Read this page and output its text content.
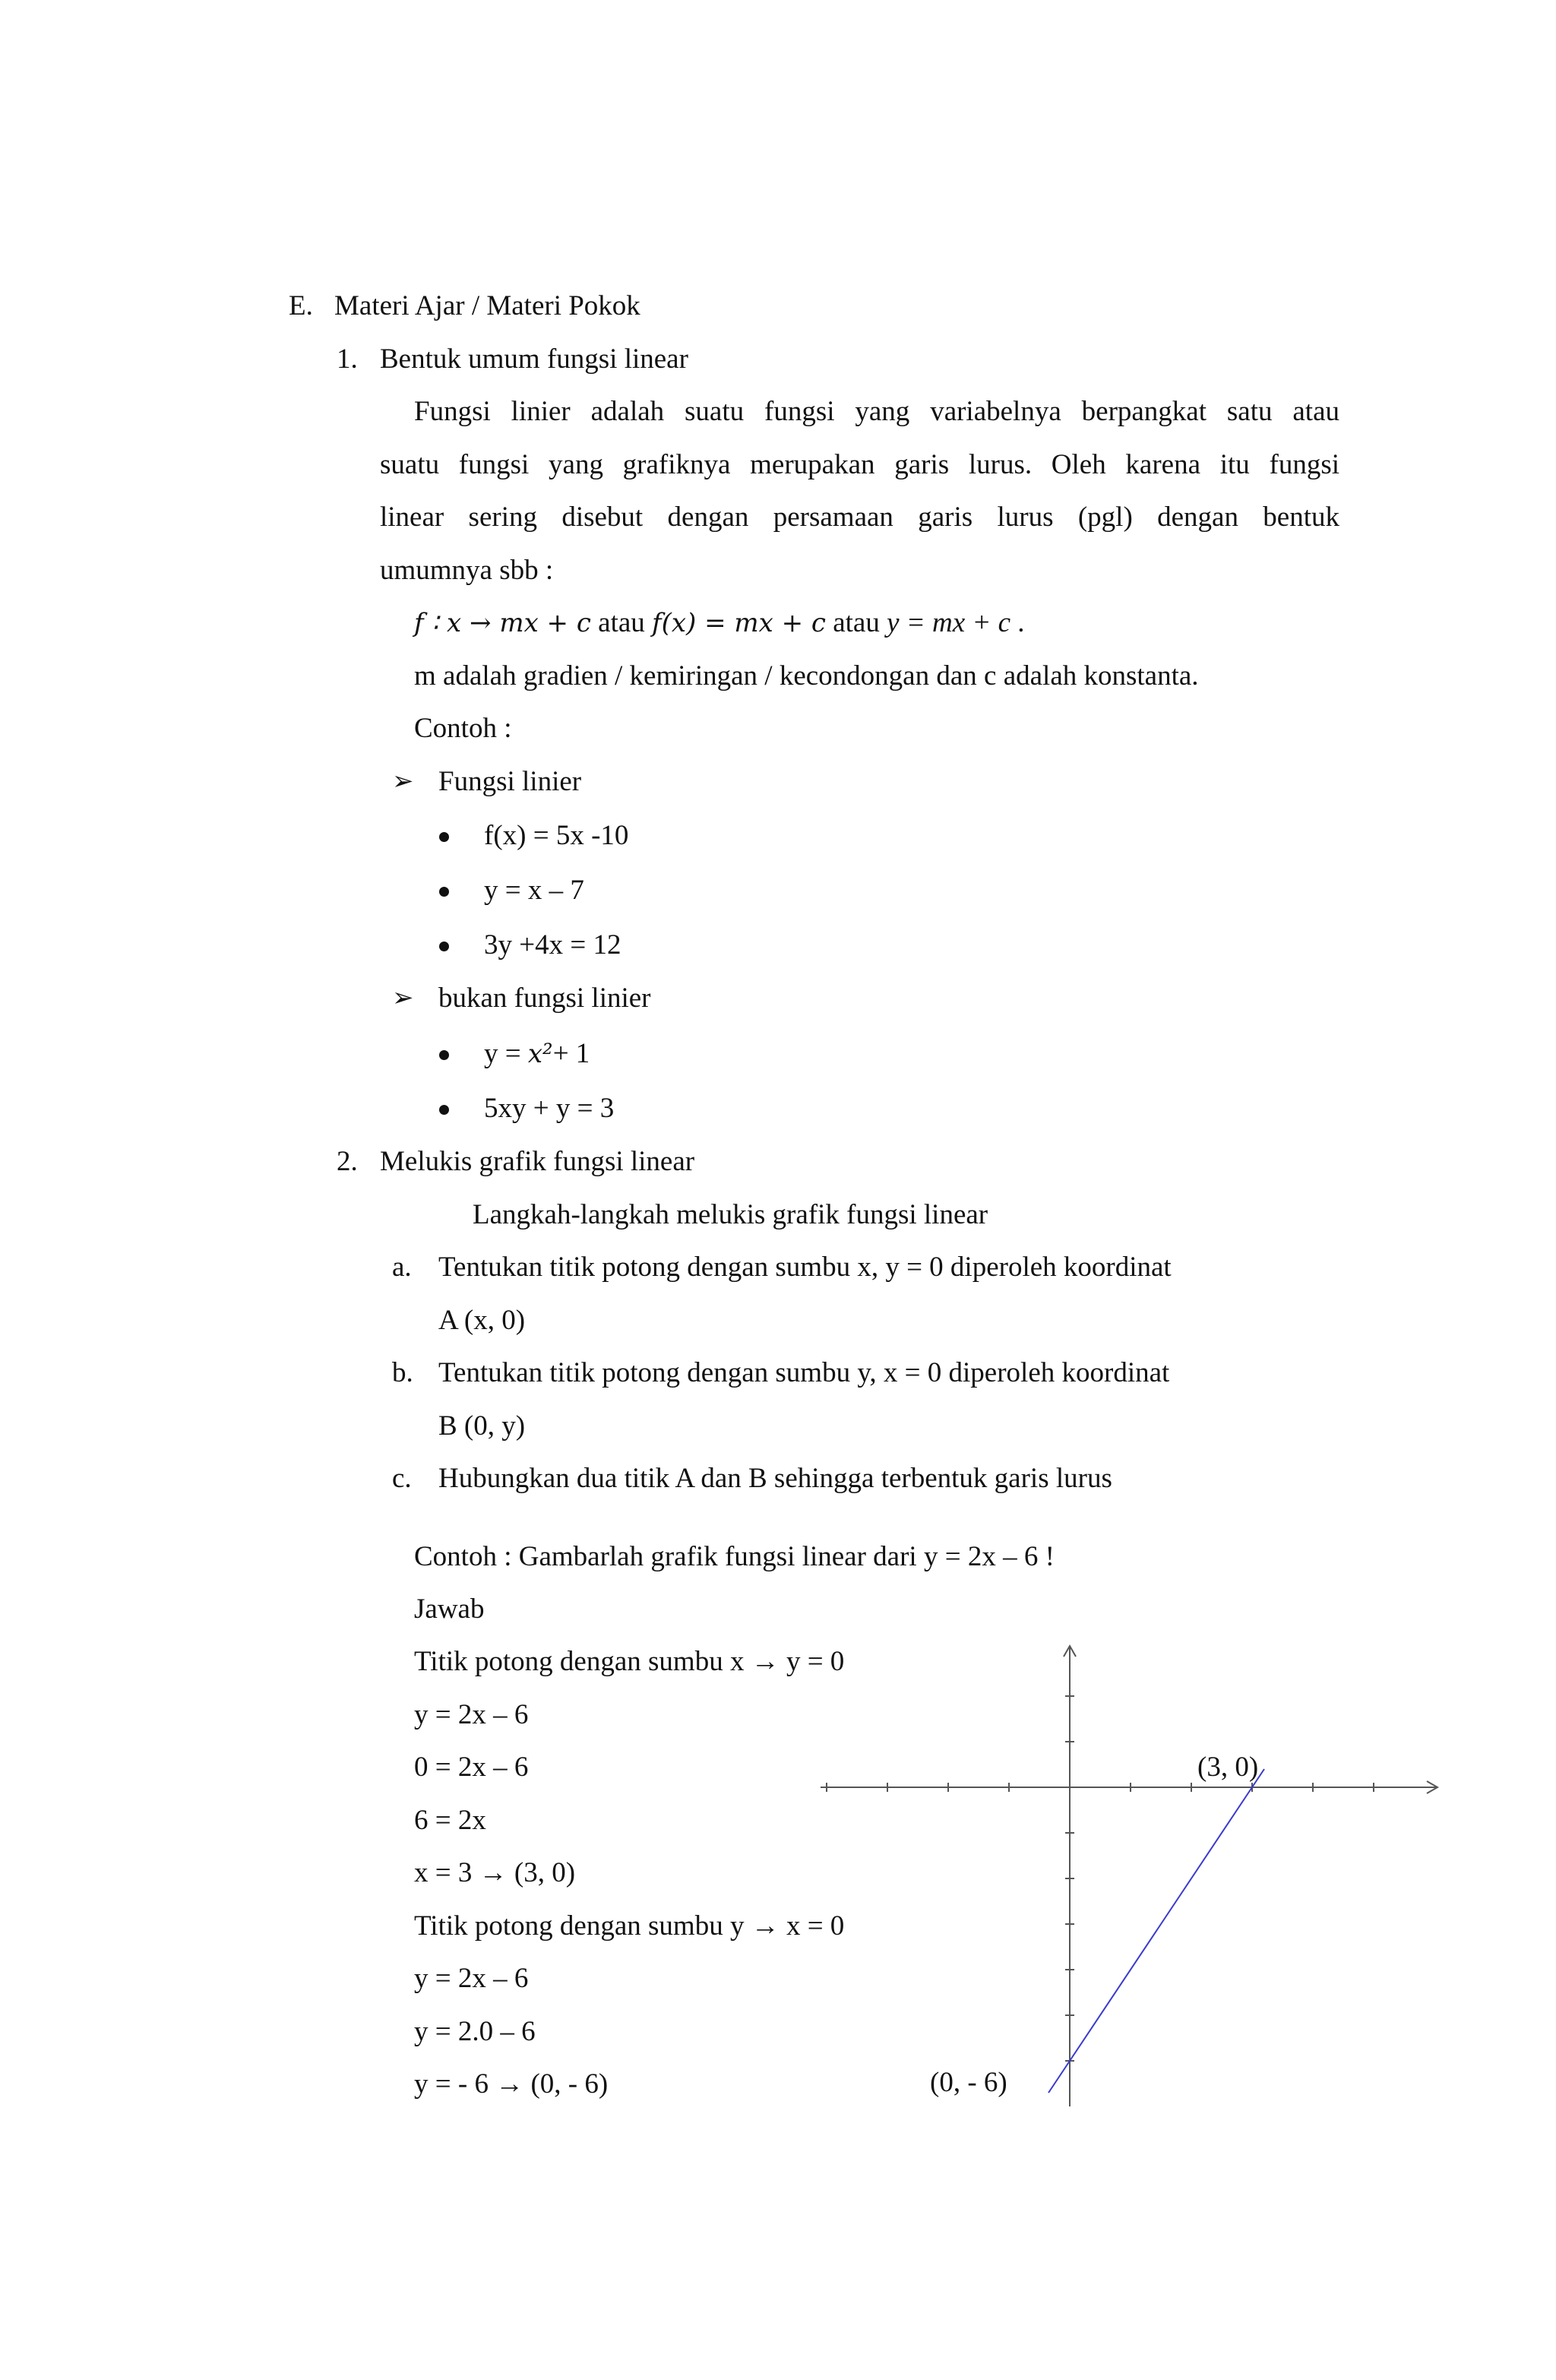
E. Materi Ajar / Materi Pokok
1. Bentuk umum fungsi linear
Fungsi linier adalah suatu fungsi yang variabelnya berpangkat satu atau
suatu fungsi yang grafiknya merupakan garis lurus. Oleh karena itu fungsi
linear sering disebut dengan persamaan garis lurus (pgl) dengan bentuk
umumnya sbb :
𝑓 ∶ 𝑥 → 𝑚𝑥 + 𝑐 atau 𝑓(𝑥) = 𝑚𝑥 + 𝑐 atau y = mx + c .
m adalah gradien / kemiringan / kecondongan dan c adalah konstanta.
Contoh :
➢ Fungsi linier
f(x) = 5x -10
y = x – 7
3y +4x = 12
➢ bukan fungsi linier
y = 𝑥²+ 1
5xy + y = 3
2. Melukis grafik fungsi linear
Langkah-langkah melukis grafik fungsi linear
a. Tentukan titik potong dengan sumbu x, y = 0 diperoleh koordinat
A (x, 0)
b. Tentukan titik potong dengan sumbu y, x = 0 diperoleh koordinat
B (0, y)
c. Hubungkan dua titik A dan B sehingga terbentuk garis lurus
Contoh : Gambarlah grafik fungsi linear dari y = 2x – 6 !
Jawab
Titik potong dengan sumbu x → y = 0
y = 2x – 6
0 = 2x – 6
6 = 2x
x = 3 → (3, 0)
Titik potong dengan sumbu y → x = 0
y = 2x – 6
y = 2.0 – 6
y = - 6 → (0, - 6)
(3, 0)
(0, - 6)
